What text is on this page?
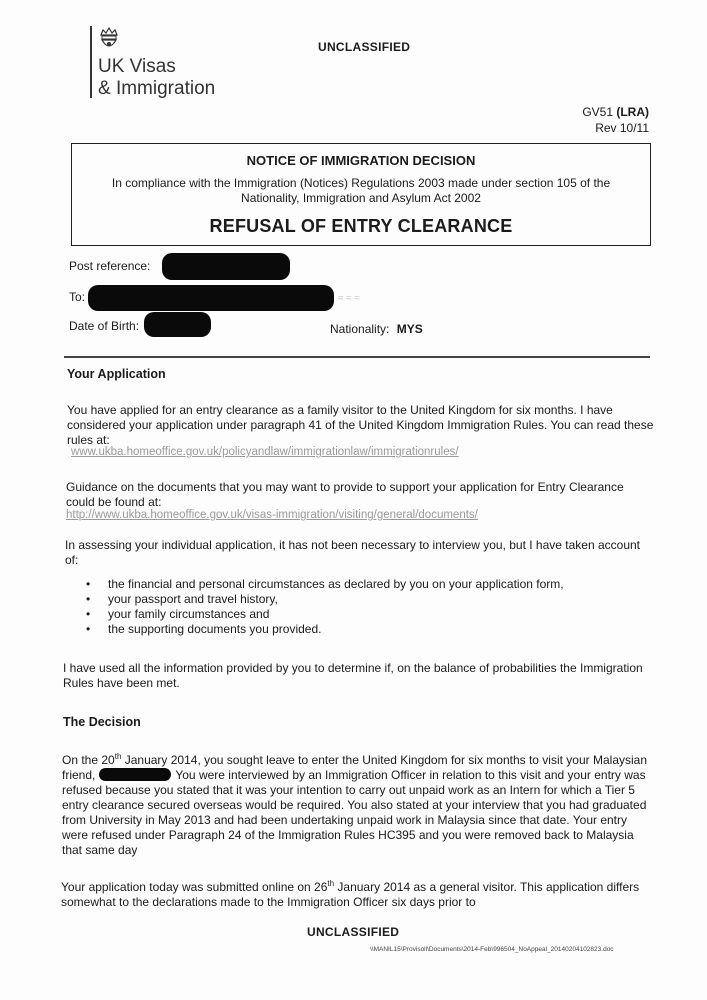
UK Visas
& Immigration
UNCLASSIFIED
GV51 (LRA)
Rev 10/11
NOTICE OF IMMIGRATION DECISION
In compliance with the Immigration (Notices) Regulations 2003 made under section 105 of the Nationality, Immigration and Asylum Act 2002
REFUSAL OF ENTRY CLEARANCE
Post reference:
To:	≈ ≈ ≈
Date of Birth:	Nationality: MYS
Your Application
You have applied for an entry clearance as a family visitor to the United Kingdom for six months. I have considered your application under paragraph 41 of the United Kingdom Immigration Rules. You can read these rules at:
www.ukba.homeoffice.gov.uk/policyandlaw/immigrationlaw/immigrationrules/
Guidance on the documents that you may want to provide to support your application for Entry Clearance could be found at:
http://www.ukba.homeoffice.gov.uk/visas-immigration/visiting/general/documents/
In assessing your individual application, it has not been necessary to interview you, but I have taken account of:
• the financial and personal circumstances as declared by you on your application form,
• your passport and travel history,
• your family circumstances and
• the supporting documents you provided.
I have used all the information provided by you to determine if, on the balance of probabilities the Immigration Rules have been met.
The Decision
On the 20th January 2014, you sought leave to enter the United Kingdom for six months to visit your Malaysian friend,	You were interviewed by an Immigration Officer in relation to this visit and your entry was refused because you stated that it was your intention to carry out unpaid work as an Intern for which a Tier 5 entry clearance secured overseas would be required. You also stated at your interview that you had graduated from University in May 2013 and had been undertaking unpaid work in Malaysia since that date. Your entry were refused under Paragraph 24 of the Immigration Rules HC395 and you were removed back to Malaysia that same day
Your application today was submitted online on 26th January 2014 as a general visitor. This application differs somewhat to the declarations made to the Immigration Officer six days prior to
UNCLASSIFIED
\\MANIL15\Provisoll\Documents\2014-Feb\996504_NoAppeal_20140204102823.doc
